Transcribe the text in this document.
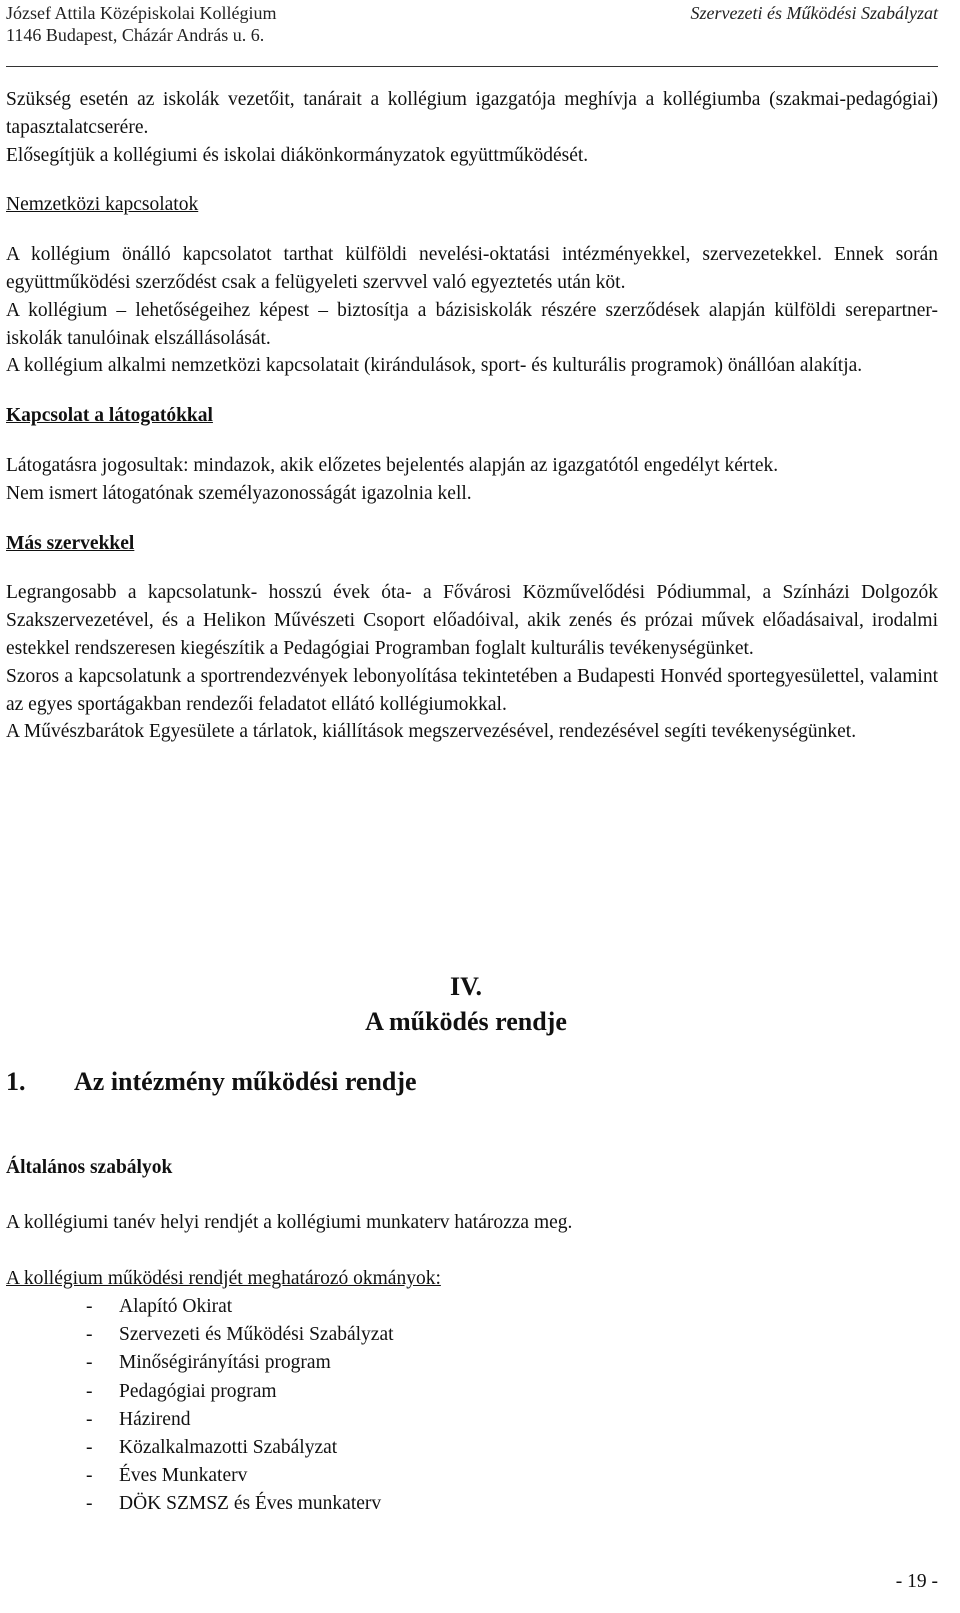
József Attila Középiskolai Kollégium
1146 Budapest, Cházár András u. 6.
Szervezeti és Működési Szabályzat

Szükség esetén az iskolák vezetőit, tanárait a kollégium igazgatója meghívja a kollégiumba (szakmai-pedagógiai) tapasztalatcserére.

Elősegítjük a kollégiumi és iskolai diákönkormányzatok együttműködését.

Nemzetközi kapcsolatok

A kollégium önálló kapcsolatot tarthat külföldi nevelési-oktatási intézményekkel, szervezetekkel. Ennek során együttműködési szerződést csak a felügyeleti szervvel való egyeztetés után köt.

A kollégium – lehetőségeihez képest – biztosítja a bázisiskolák részére szerződések alapján külföldi serepartner-iskolák tanulóinak elszállásolását.

A kollégium alkalmi nemzetközi kapcsolatait (kirándulások, sport- és kulturális programok) önállóan alakítja.

Kapcsolat a látogatókkal

Látogatásra jogosultak: mindazok, akik előzetes bejelentés alapján az igazgatótól engedélyt kértek.

Nem ismert látogatónak személyazonosságát igazolnia kell.

Más szervekkel

Legrangosabb a kapcsolatunk- hosszú évek óta- a Fővárosi Közművelődési Pódiummal, a Színházi Dolgozók Szakszervezetével, és a Helikon Művészeti Csoport előadóival, akik zenés és prózai művek előadásaival, irodalmi estekkel rendszeresen kiegészítik a Pedagógiai Programban foglalt kulturális tevékenységünket.

Szoros a kapcsolatunk a sportrendezvények lebonyolítása tekintetében a Budapesti Honvéd sportegyesülettel, valamint az egyes sportágakban rendezői feladatot ellátó kollégiumokkal.

A Művészbarátok Egyesülete a tárlatok, kiállítások megszervezésével, rendezésével segíti tevékenységünket.

IV.
A működés rendje
1. Az intézmény működési rendje
Általános szabályok
A kollégiumi tanév helyi rendjét a kollégiumi munkaterv határozza meg.
A kollégium működési rendjét meghatározó okmányok:
- Alapító Okirat
- Szervezeti és Működési Szabályzat
- Minőségirányítási program
- Pedagógiai program
- Házirend
- Közalkalmazotti Szabályzat
- Éves Munkaterv
- DÖK SZMSZ és Éves munkaterv
- 19 -
